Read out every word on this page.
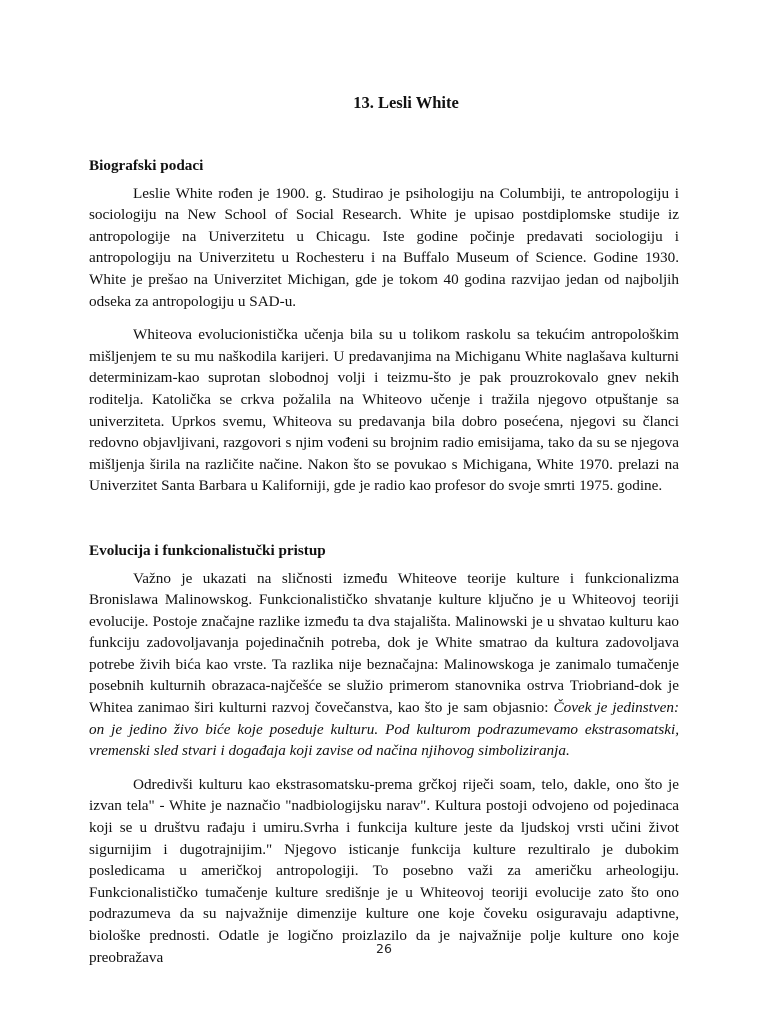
13. Lesli White
Biografski podaci

Leslie White rođen je 1900. g. Studirao je psihologiju na Columbiji, te antropologiju i sociologiju na New School of Social Research. White je upisao postdiplomske studije iz antropologije na Univerzitetu u Chicagu. Iste godine počinje predavati sociologiju i antropologiju na Univerzitetu u Rochesteru i na Buffalo Museum of Science. Godine 1930. White je prešao na Univerzitet Michigan, gde je tokom 40 godina razvijao jedan od najboljih odseka za antropologiju u SAD-u.

Whiteova evolucionistička učenja bila su u tolikom raskolu sa tekućim antropološkim mišljenjem te su mu naškodila karijeri. U predavanjima na Michiganu White naglašava kulturni determinizam-kao suprotan slobodnoj volji i teizmu-što je pak prouzrokovalo gnev nekih roditelja. Katolička se crkva požalila na Whiteovo učenje i tražila njegovo otpuštanje sa univerziteta. Uprkos svemu, Whiteova su predavanja bila dobro posećena, njegovi su članci redovno objavljivani, razgovori s njim vođeni su brojnim radio emisijama, tako da su se njegova mišljenja širila na različite načine. Nakon što se povukao s Michigana, White 1970. prelazi na Univerzitet Santa Barbara u Kaliforniji, gde je radio kao profesor do svoje smrti 1975. godine.

Evolucija i funkcionalistučki pristup

Važno je ukazati na sličnosti između Whiteove teorije kulture i funkcionalizma Bronislawa Malinowskog. Funkcionalističko shvatanje kulture ključno je u Whiteovoj teoriji evolucije. Postoje značajne razlike između ta dva stajališta. Malinowski je u shvatao kulturu kao funkciju zadovoljavanja pojedinačnih potreba, dok je White smatrao da kultura zadovoljava potrebe živih bića kao vrste. Ta razlika nije beznačajna: Malinowskoga je zanimalo tumačenje posebnih kulturnih obrazaca-najčešće se služio primerom stanovnika ostrva Triobriand-dok je Whitea zanimao širi kulturni razvoj čovečanstva, kao što je sam objasnio: Čovek je jedinstven: on je jedino živo biće koje poseduje kulturu. Pod kulturom podrazumevamo ekstrasomatski, vremenski sled stvari i događaja koji zavise od načina njihovog simboliziranja.

Odredivši kulturu kao ekstrasomatsku-prema grčkoj riječi soam, telo, dakle, ono što je izvan tela" - White je naznačio "nadbiologijsku narav". Kultura postoji odvojeno od pojedinaca koji se u društvu rađaju i umiru.Svrha i funkcija kulture jeste da ljudskoj vrsti učini život sigurnijim i dugotrajnijim." Njegovo isticanje funkcija kulture rezultiralo je dubokim posledicama u američkoj antropologiji. To posebno važi za američku arheologiju. Funkcionalističko tumačenje kulture središnje je u Whiteovoj teoriji evolucije zato što ono podrazumeva da su najvažnije dimenzije kulture one koje čoveku osiguravaju adaptivne, biološke prednosti. Odatle je logično proizlazilo da je najvažnije polje kulture ono koje preobražava

26
